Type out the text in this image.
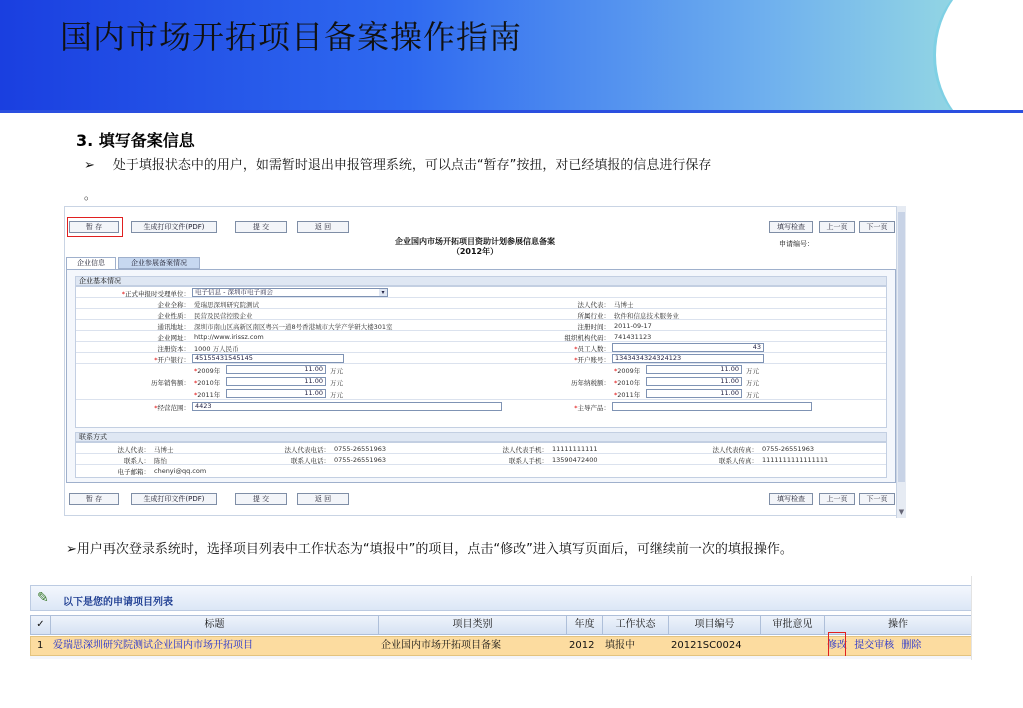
国内市场开拓项目备案操作指南
3. 填写备案信息
➢ 处于填报状态中的用户，如需暂时退出申报管理系统，可以点击“暂存”按扭，对已经填报的信息进行保存
。
暂 存	生成打印文件(PDF)	提 交	返 回	填写检查	上一页	下一页
企业国内市场开拓项目资助计划参展信息备案
（2012年）
申请编号：
企业信息	企业参展备案情况
企业基本情况
*正式申报时受理单位： 电子信息 - 深圳市电子商会	▾
企业全称： 爱瑞思深圳研究院测试	法人代表： 马博士
企业性质： 民营及民营控股企业	所属行业： 软件和信息技术服务业
通讯地址： 深圳市南山区高新区南区粤兴一道8号香港城市大学产学研大楼301室	注册时间： 2011-09-17
企业网址： http://www.irissz.com	组织机构代码： 741431123
注册资本： 1000 万人民币	*员工人数：	43
*开户银行： 45155431545145	*开户账号： 134343432432412​3
历年销售额：
*2009年	11.00	万元
*2010年	11.00	万元
*2011年	11.00	万元
历年纳税额：
*2009年	11.00	万元
*2010年	11.00	万元
*2011年	11.00	万元
*经营范围： 4423	*主导产品：
联系方式
法人代表： 马博士	法人代表电话： 0755-26551963	法人代表手机： 11111111111	法人代表传真： 0755-26551963
联系人： 陈怡	联系人电话： 0755-26551963	联系人手机： 13590472400	联系人传真： 1111111111111111
电子邮箱： chenyi@qq.com
暂 存	生成打印文件(PDF)	提 交	返 回	填写检查	上一页	下一页
▼
➢用户再次登录系统时，选择项目列表中工作状态为“填报中”的项目，点击“修改”进入填写页面后，可继续前一次的填报操作。
✎ 以下是您的申请项目列表
✓	标题	项目类别	年度	工作状态	项目编号	审批意见	操作
1 爱瑞思深圳研究院测试企业国内市场开拓项目	企业国内市场开拓项目备案	2012	填报中	20121SC0024	修改 提交审核 删除
